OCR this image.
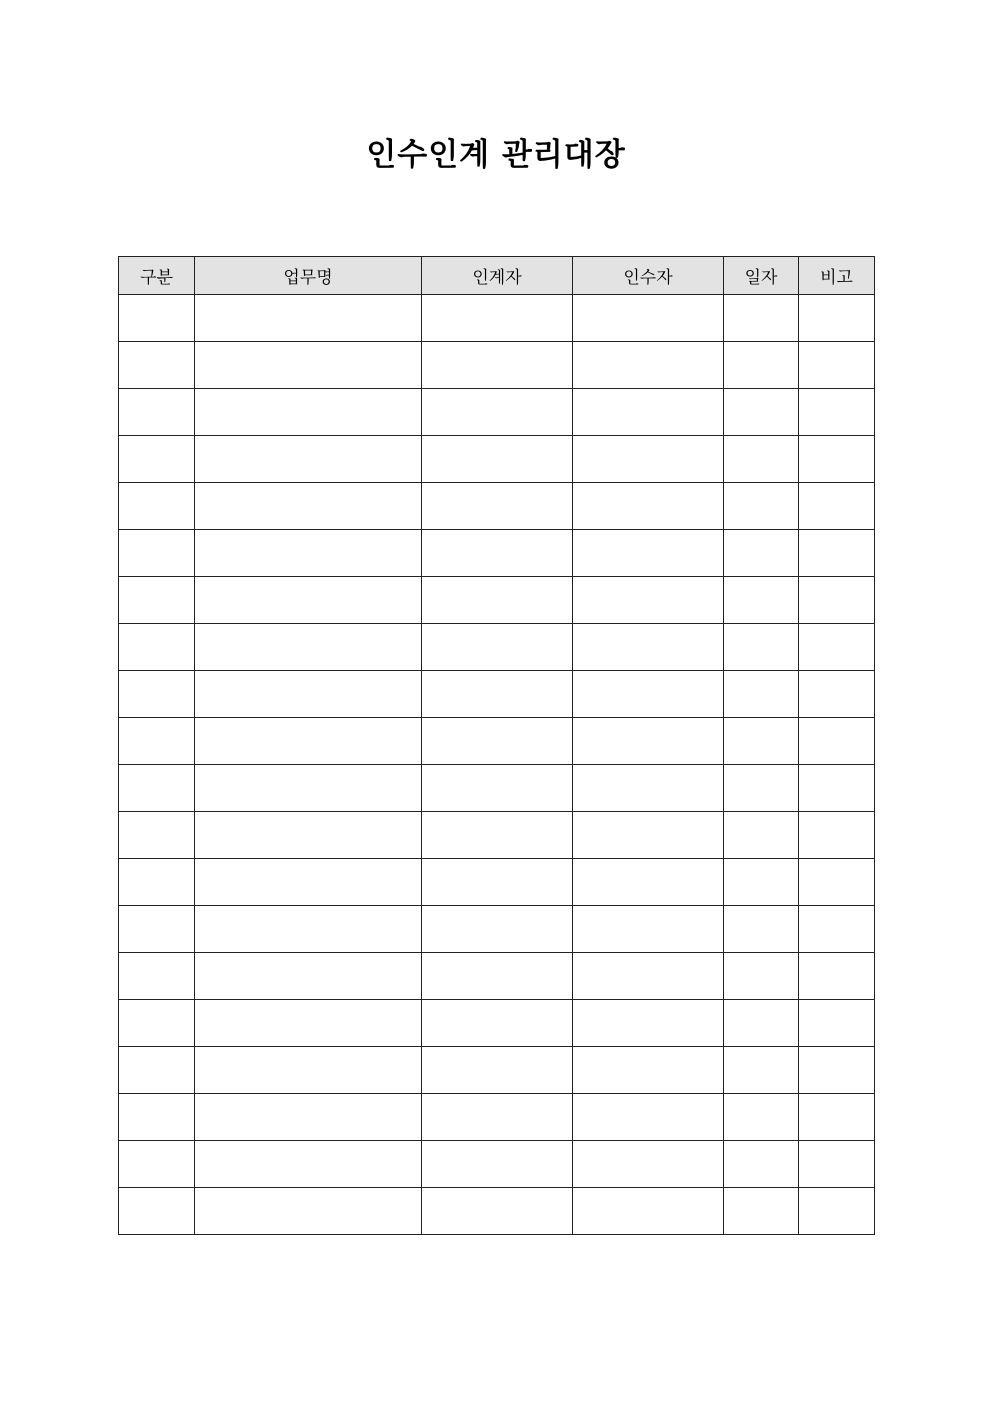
인수인계 관리대장
구분	업무명	인계자	인수자	일자	비고
